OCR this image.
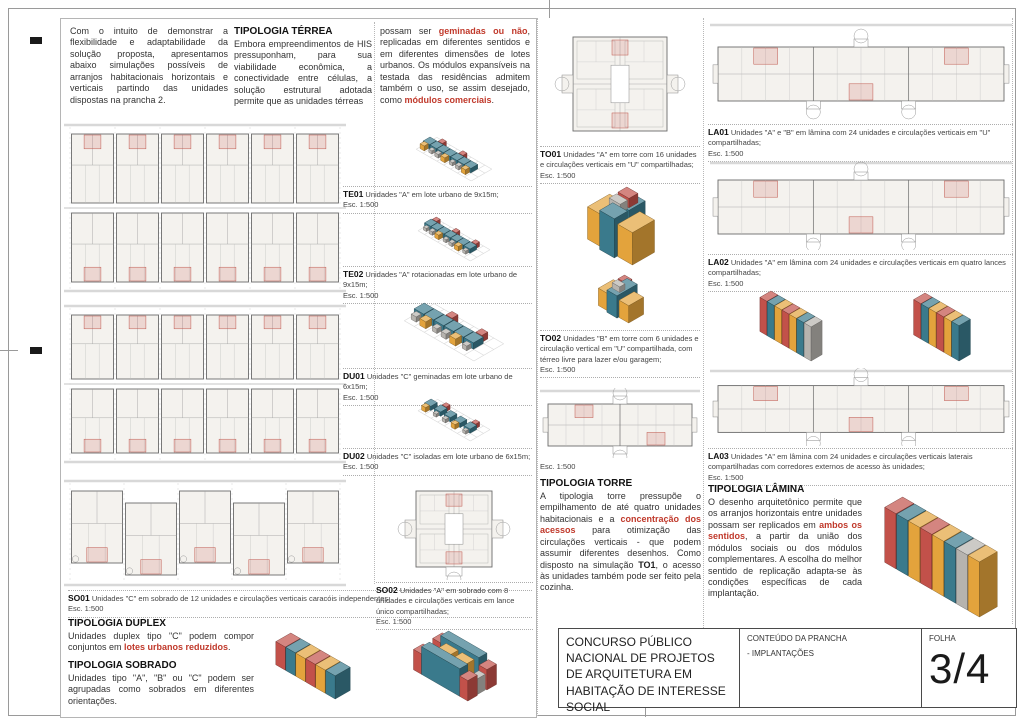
Com o intuito de demonstrar a flexibilidade e adaptabilidade da solução proposta, apresentamos abaixo simulações possíveis de arranjos habitacionais horizontais e verticais partindo das unidades dispostas na prancha 2.
TIPOLOGIA TÉRREA
Embora empreendimentos de HIS pressuponham, para sua viabilidade econômica, a conectividade entre células, a solução estrutural adotada permite que as unidades térreas
possam ser geminadas ou não, replicadas em diferentes sentidos e em diferentes dimensões de lotes urbanos. Os módulos expansíveis na testada das residências admitem também o uso, se assim desejado, como módulos comerciais.
TE01 Unidades "A" em lote urbano de 9x15m;
Esc. 1:500
TE02 Unidades "A" rotacionadas em lote urbano de 9x15m;
Esc. 1:500
DU01 Unidades "C" geminadas em lote urbano de 6x15m;
Esc. 1:500
DU02 Unidades "C" isoladas em lote urbano de 6x15m;
Esc. 1:500
SO01 Unidades "C" em sobrado de 12 unidades e circulações verticais caracóis independentes;
Esc. 1:500
TIPOLOGIA DUPLEX
Unidades duplex tipo "C" podem compor conjuntos em lotes urbanos reduzidos.
TIPOLOGIA SOBRADO
Unidades tipo "A", "B" ou "C" podem ser agrupadas como sobrados em diferentes orientações.
SO02 Unidades "A" em sobrado com 8 unidades e circulações verticais em lance único compartilhadas;
Esc. 1:500
TO01 Unidades "A" em torre com 16 unidades e circulações verticais em "U" compartilhadas;
Esc. 1:500
TO02 Unidades "B" em torre com 6 unidades e circulação vertical em "U" compartilhada, com térreo livre para lazer e/ou garagem;
Esc. 1:500
Esc. 1:500
TIPOLOGIA TORRE
A tipologia torre pressupõe o empilhamento de até quatro unidades habitacionais e a concentração dos acessos para otimização das circulações verticais - que podem assumir diferentes desenhos. Como disposto na simulação TO1, o acesso às unidades também pode ser feito pela cozinha.
LA01 Unidades "A" e "B" em lâmina com 24 unidades e circulações verticais em "U" compartilhadas;
Esc. 1:500
LA02 Unidades "A" em lâmina com 24 unidades e circulações verticais em quatro lances compartilhadas;
Esc. 1:500
LA03 Unidades "A" em lâmina com 24 unidades e circulações verticais laterais compartilhadas com corredores externos de acesso às unidades;
Esc. 1:500
TIPOLOGIA LÂMINA
O desenho arquitetônico permite que os arranjos horizontais entre unidades possam ser replicados em ambos os sentidos, a partir da união dos módulos sociais ou dos módulos complementares. A escolha do melhor sentido de replicação adapta-se às condições específicas de cada implantação.
CONCURSO PÚBLICO NACIONAL DE PROJETOS DE ARQUITETURA EM HABITAÇÃO DE INTERESSE SOCIAL
CONTEÚDO DA PRANCHA
- IMPLANTAÇÕES
FOLHA
3/4
